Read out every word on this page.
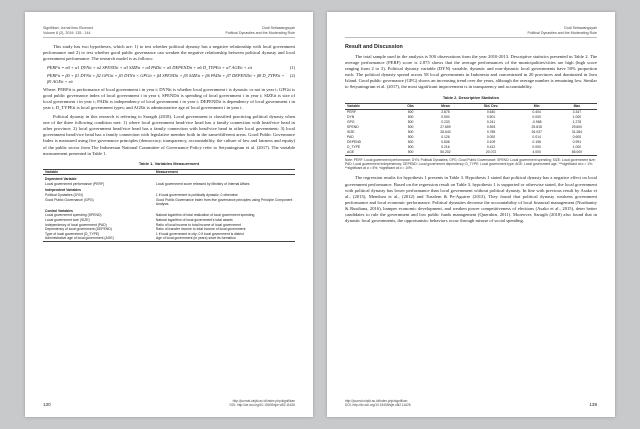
Signifikan: Jurnal Ilmu Ekonomi
Volume 8 (2), 2019: 135 - 144
Dodi Setiawangsyah
Political Dynasties and the Moderating Role

This study has two hypotheses, which are: 1) to test whether political dynasty has a negative relationship with local government performance and 2) to test whether good public governance can weaken the negative relationship between political dynasty and local government performance. The research model is as follows:

PERFit = α0 + α1 DYNit + α2 SPENDit + α3 SIZEit + α4 PADit + α5 DEPENDit + α6 D_TYPEit + α7 AGEit + εit	(1)
PERFit = β0 + β1 DYNit + β2 GPGit + β3 DYNit × GPGit + β4 SPENDit + β5 SIZEit + β6 PADit + β7 DEPENDit + β8 D_TYPEit + β9 AGEit + εit
(2)

Where: PERFit is performance of local government i in year t; DYNit is whether local government i is dynastic or not in year t; GPGit is good public governance index of local government i in year t; SPENDit is spending of local government i in year t; SIZEit is size of local government i in year t; PADit is independency of local government i in year t; DEPENDit is dependency of local government i in year t; D_TYPEit is local government types; and AGEit is administrative age of local government i in year t.

Political dynasty in this research is referring to Saragih (2018). Local government is classified practicing political dynasty when one of the three following condition met: 1) where local government head/vice head has a family connection with head/vice head in other province; 2) local government head/vice head has a family connection with head/vice head in other local government; 3) local government head/vice head has a family connection with legislative member both in the same/different areas. Good Public Governance Index is measured using five governance principles (democracy, transparency, accountability, the culture of law and fairness and equity) of the public sector from The Indonesian National Committee of Governance Policy refer to Setyaningrum et al. (2017). The variable measurement presented in Table 1.

Table 1. Variables Measurement
Variable	Measurement
Dependent Variable	
Local government performance (PERF)	Local government score released by Ministry of Internal Affairs
Independent Variables	
Political Dynasties (DYN)	1 if local government is politically dynastic; 0 otherwise
Good Public Governance (GPG)	Good Public Governance Index from five governance principles using Principle Component Analysis
Control Variables	
Local government spending (SPEND)	Natural logarithm of total realization of local government spending
Local government size (SIZE)	Natural logarithm of local government's total assets
Independency of local government (PAD)	Ratio of local income to total income of local government
Dependency of local government (DEPEND)	Ratio of transfer income to total income of local government
Type of local government (D_TYPE)	1 if local government is city; 0 if local government is district
Administrative age of local government (AGE)	Age of local government (in years) since its formation
130
http://journal.uinjkt.ac.id/index.php/signifikan
DOI: http://dx.doi.org/10.15408/sjie.v8i2.11626
Dodi Setiawangsyah
Political Dynasties and the Moderating Role
Result and Discussion

The total sample used in the analysis is 500 observations from the year 2010-2013. Descriptive statistics presented in Table 2. The average performance (PERF) score is 2.875 shows that the average performances of the municipalities/cities are high (high score ranging from 2 to 3). Political dynasty variable (DYN) variable, dynastic and non-dynastic local governments have 50% proportion each. The political dynasty spread across 58 local governments in Indonesia and concentrated in 20 provinces and dominated in Java Island. Good public governance (GPG) shows an increasing trend over the years, although the average number is remaining low. Similar to Setyaningrum et al. (2017), the most significant improvement is in transparency and accountability.

Table 2. Descriptive Statistics
Variable	Obs	Mean	Std. Dev.	Min	Max
PERF	500	2.875	0.640	0.404	3.347
DYN	500	0.500	0.501	0.000	1.000
GPG	500	0.233	0.241	-0.968	1.278
SPEND	500	27.659	0.593	25.815	29.600
SIZE	500	28.640	0.785	26.037	31.284
PAD	500	0.126	0.092	0.014	0.600
DEPEND	500	0.838	0.109	0.196	0.991
D_TYPE	500	0.216	0.412	0.000	1.000
AGE	500	50.202	20.072	4.000	65.000
Note: PERF: Local government performance; DYN: Political Dynasties; GPG: Good Public Governance; SPEND: Local government spending; SIZE: Local government size; PAD: Local government Independency; DEPEND: Local government dependency; D_TYPE: Local government type; AGE: Local government age. ***significant at α = 1%; **significant at α = 5%; *significant at α = 10%.

The regression results for hypothesis 1 presents in Table 3. Hypothesis 1 stated that political dynasty has a negative effect on local government performance. Based on the regression result on Table 3, hypothesis 1 is supported or otherwise stated, the local government with political dynasty has lower performance than local government without political dynasty. In line with previous result by Asako et al., (2015), Mendoza et al., (2012) and Tusalem & Pe-Aguirre (2013). They found that political dynasty weakens government performance and local economic performance. Political dynasties decrease the accountability of local financial management (Nurdiantiy & Rusdiana, 2016), hamper economic development, and weaken power competitiveness of elections (Asako et al., 2015), deter better candidates to rule the government and low public funds management (Querubin, 2011). Moreover, Saragih (2018) also found that in dynastic local governments, the opportunistic behaviors occur through misuse of social spending.

http://journal.uinjkt.ac.id/index.php/signifikan
DOI: http://dx.doi.org/10.15408/sjie.v8i2.11626	139
